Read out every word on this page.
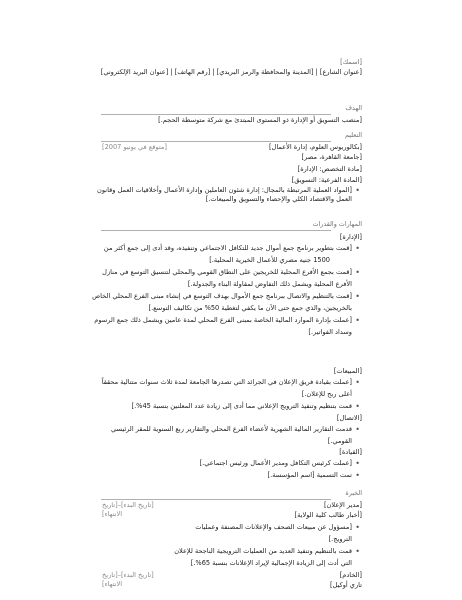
[اسمك]
[عنوان الشارع] | [المدينة والمحافظة والرمز البريدي] | [رقم الهاتف] | [عنوان البريد الإلكتروني]
الهدف
[منصب التسويق أو الإدارة ذو المستوى المبتدئ مع شركة متوسطة الحجم.]
التعليم
[بكالوريوس العلوم، إدارة الأعمال]
[متوقع في يونيو 2007]
[جامعة القاهرة، مصر]
[مادة التخصص: الإدارة]
[المادة الفرعية: التسويق]
• [المواد العملية المرتبطة بالمجال: إدارة شئون العاملين وإدارة الأعمال وأخلاقيات العمل وقانون
العمل والاقتصاد الكلي والإحصاء والتسويق والمبيعات.]
المهارات والقدرات
[الإدارة]
• [قمت بتطوير برنامج جمع أموال جديد للتكافل الاجتماعي وتنفيذه، وقد أدى إلى جمع أكثر من
1500 جنيه مصري للأعمال الخيرية المحلية.]
• [قمت بجمع الأفرع المحلية للخريجين على النطاق القومي والمحلي لتنسيق التوسع في منازل
الأفرع المحلية ويشمل ذلك التفاوض لمقاولة البناء والجدولة.]
• [قمت بالتنظيم والاتصال ببرنامج جمع الأموال بهدف التوسع في إنشاء مبنى الفرع المحلي الخاص
بالخريجين، والذي جمع حتى الآن ما يكفي لتغطية 50% من تكاليف التوسع.]
• [عملت بإدارة الموارد المالية الخاصة بمبنى الفرع المحلي لمدة عامين ويشمل ذلك جمع الرسوم
وسداد الفواتير.]
[المبيعات]
• [عملت بقيادة فريق الإعلان في الجرائد التي تصدرها الجامعة لمدة ثلاث سنوات متتالية محققاً
أعلى ربح للإعلان.]
• قمت بتنظيم وتنفيذ الترويج الإعلاني مما أدى إلى زيادة عدد المعلنين بنسبة 45%.]
[الاتصال]
• قدمت التقارير المالية الشهرية لأعضاء الفرع المحلي والتقارير ربع السنوية للمقر الرئيسي
القومي.]
[القيادة]
• [عملت كرئيس التكافل ومدير الأعمال ورئيس اجتماعي.]
• تمت التسمية [اسم المؤسسة.]
الخبرة
[مدير الإعلان]
[أخبار طالب كلية الولاية]
[تاريخ البدء]–[تاريخ
الانتهاء]
• [مسؤول عن مبيعات الصحف والإعلانات المصنفة وعمليات
الترويج.]
• قمت بالتنظيم وتنفيذ العديد من العمليات الترويجية الناجحة للإعلان
التي أدت إلى الزيادة الإجمالية لإيراد الإعلانات بنسبة 65%.]
[الخادم]
تاري أوكيل]
[تاريخ البدء]–[تاريخ
الانتهاء]
